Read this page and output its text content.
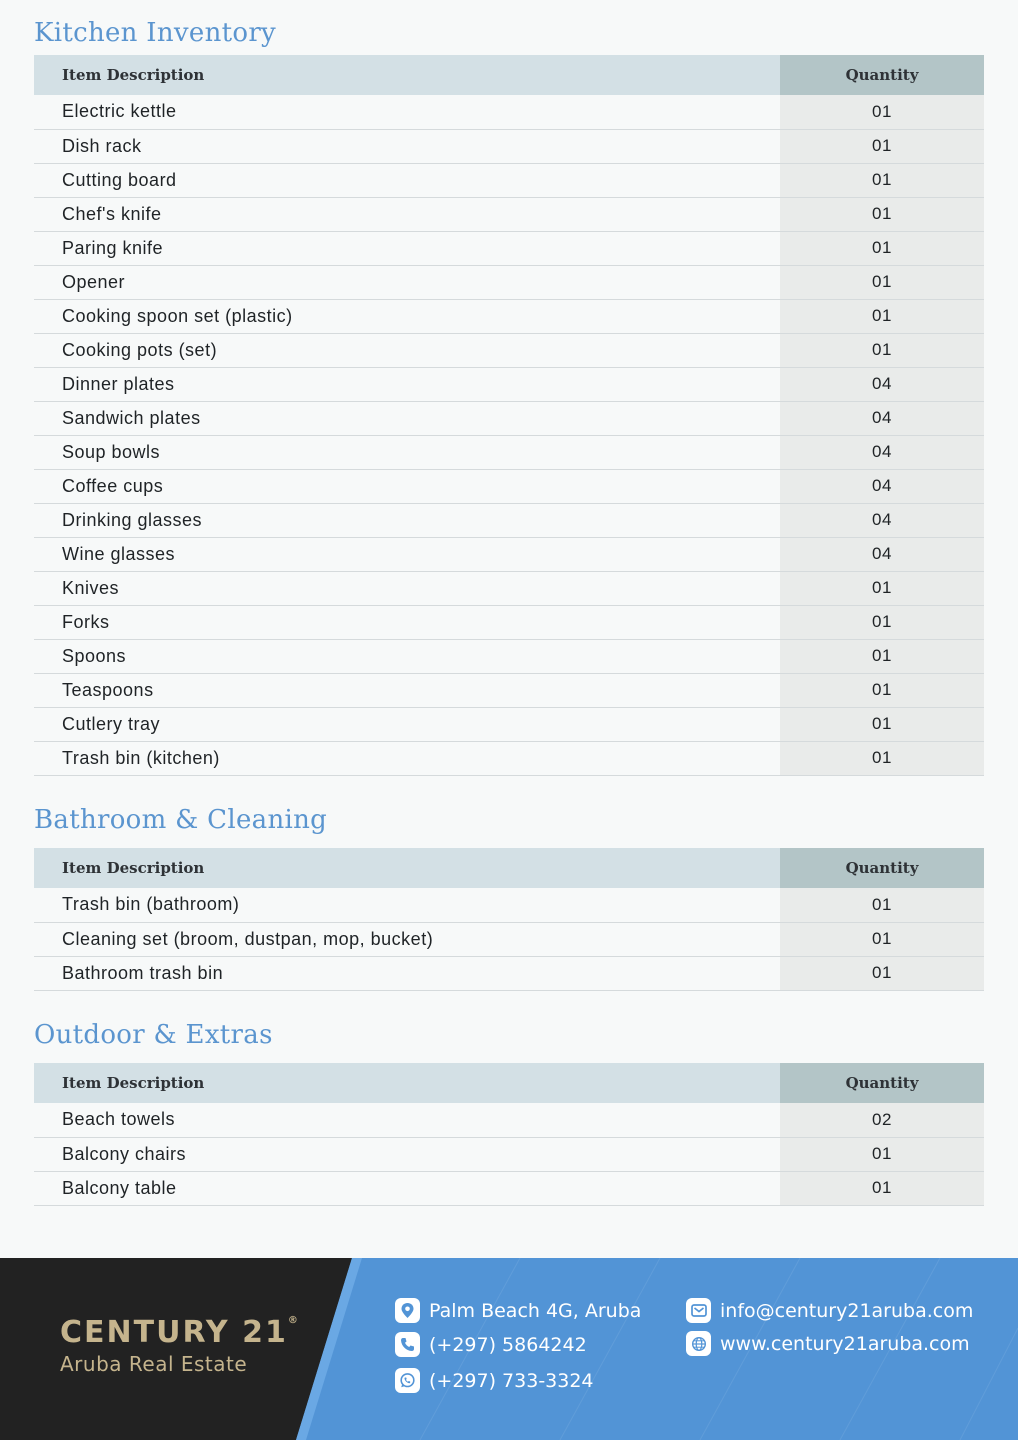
Kitchen Inventory
Item Description	Quantity
Electric kettle	01
Dish rack	01
Cutting board	01
Chef's knife	01
Paring knife	01
Opener	01
Cooking spoon set (plastic)	01
Cooking pots (set)	01
Dinner plates	04
Sandwich plates	04
Soup bowls	04
Coffee cups	04
Drinking glasses	04
Wine glasses	04
Knives	01
Forks	01
Spoons	01
Teaspoons	01
Cutlery tray	01
Trash bin (kitchen)	01
Bathroom & Cleaning
Item Description	Quantity
Trash bin (bathroom)	01
Cleaning set (broom, dustpan, mop, bucket)	01
Bathroom trash bin	01
Outdoor & Extras
Item Description	Quantity
Beach towels	02
Balcony chairs	01
Balcony table	01
CENTURY 21®
Aruba Real Estate
Palm Beach 4G, Aruba
(+297) 5864242
(+297) 733-3324
info@century21aruba.com
www.century21aruba.com
